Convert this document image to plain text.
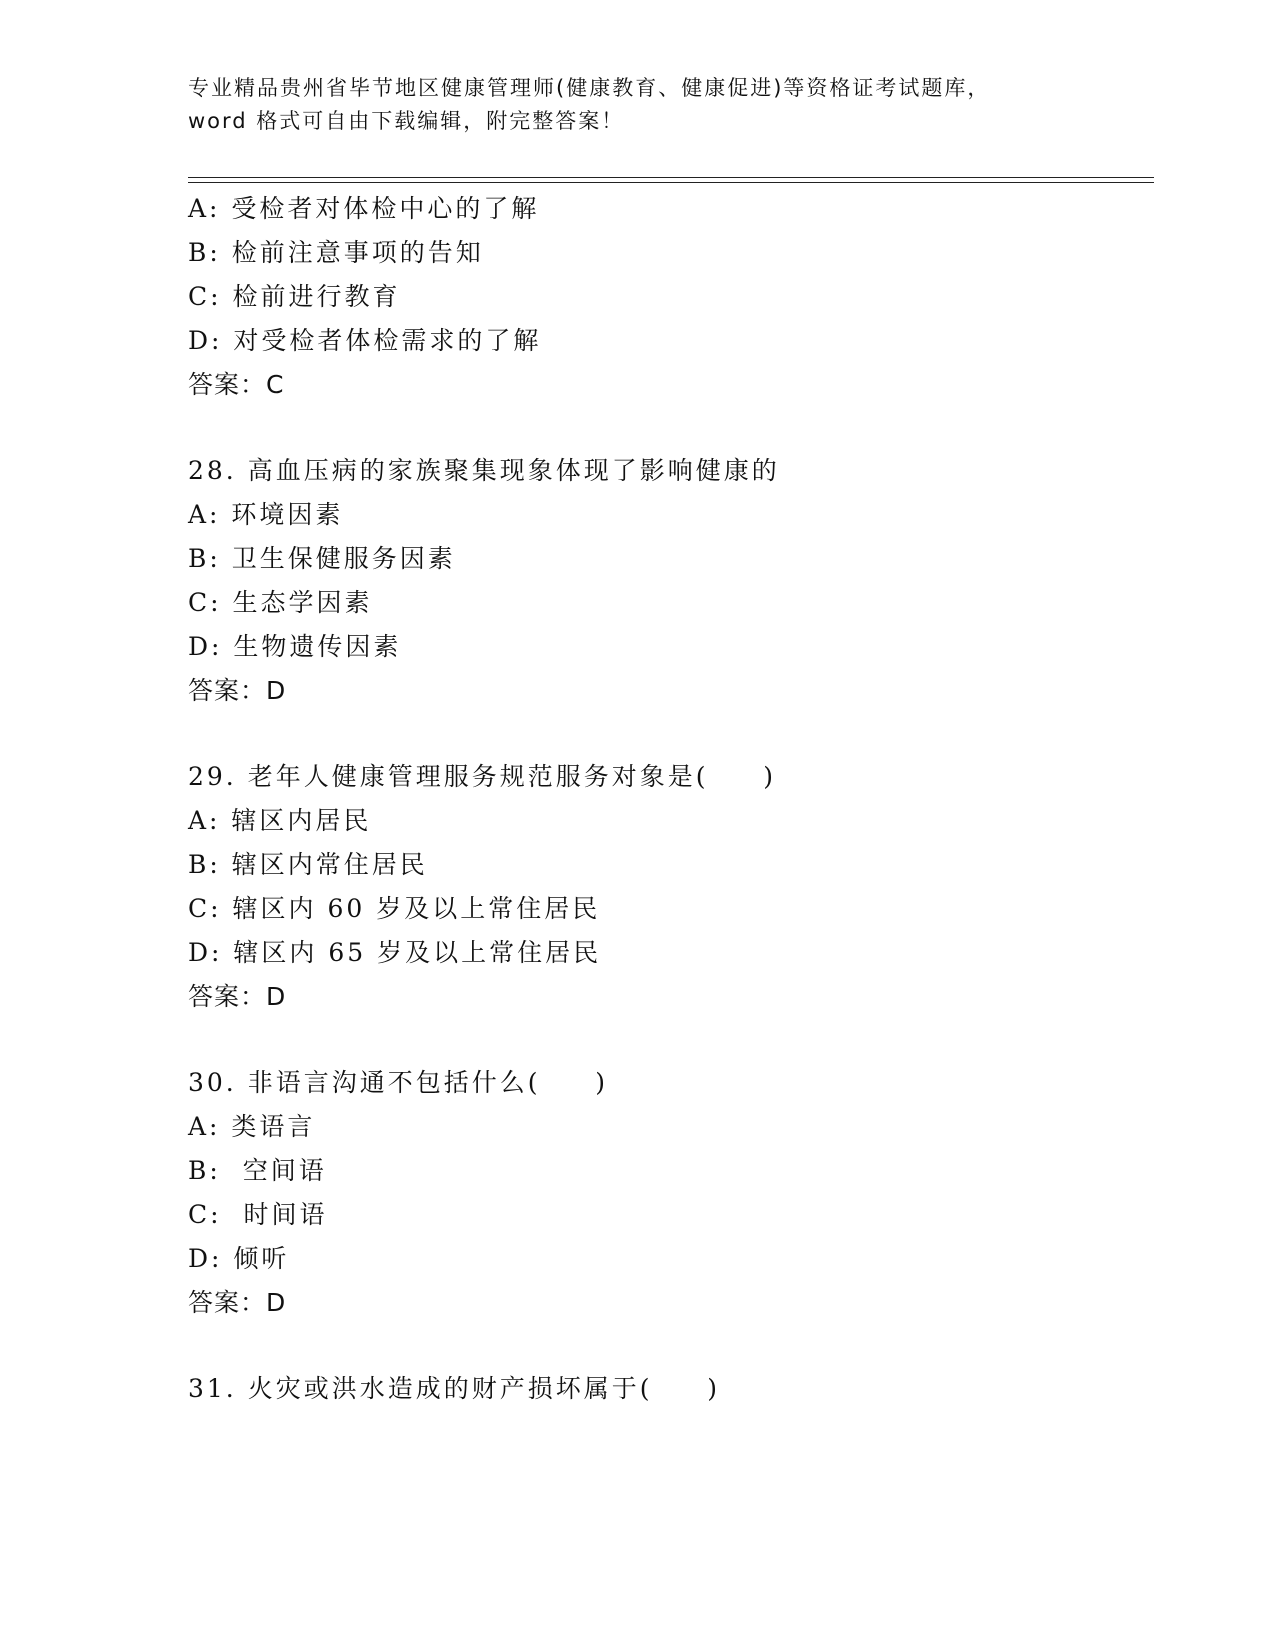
专业精品贵州省毕节地区健康管理师(健康教育、健康促进)等资格证考试题库，
word 格式可自由下载编辑，附完整答案！
A: 受检者对体检中心的了解
B: 检前注意事项的告知
C: 检前进行教育
D: 对受检者体检需求的了解
答案：C
28. 高血压病的家族聚集现象体现了影响健康的
A: 环境因素
B: 卫生保健服务因素
C: 生态学因素
D: 生物遗传因素
答案：D
29. 老年人健康管理服务规范服务对象是(     )
A: 辖区内居民
B: 辖区内常住居民
C: 辖区内 60 岁及以上常住居民
D: 辖区内 65 岁及以上常住居民
答案：D
30. 非语言沟通不包括什么(     )
A: 类语言
B:  空间语
C:  时间语
D: 倾听
答案：D
31. 火灾或洪水造成的财产损坏属于(     )
